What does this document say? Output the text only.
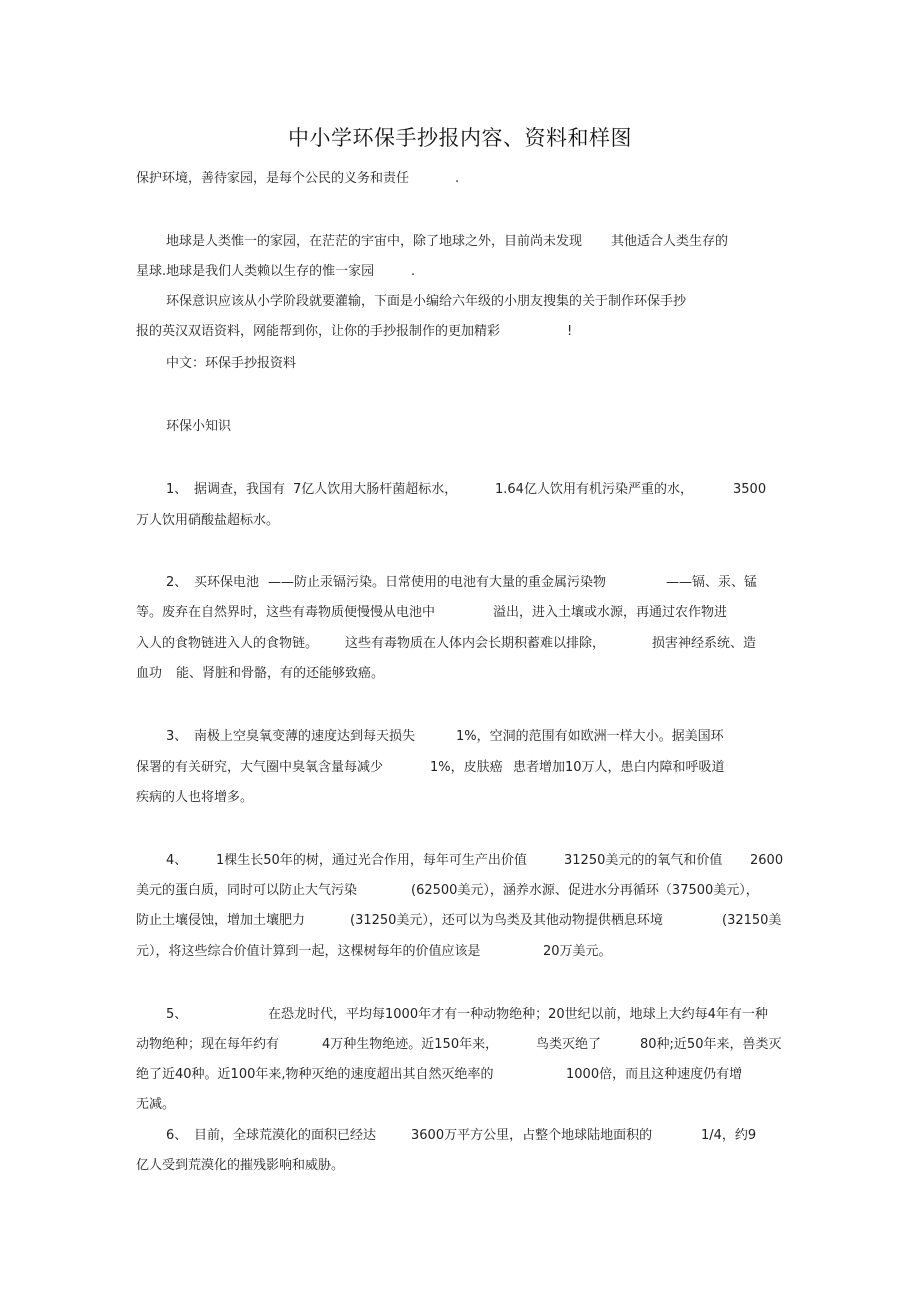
中小学环保手抄报内容、资料和样图
保护环境，善待家园，是每个公民的义务和责任	.
地球是人类惟一的家园，在茫茫的宇宙中，除了地球之外，目前尚未发现 其他适合人类生存的
星球.地球是我们人类赖以生存的惟一家园	.
环保意识应该从小学阶段就要灌输，下面是小编给六年级的小朋友搜集的关于制作环保手抄
报的英汉双语资料，网能帮到你，让你的手抄报制作的更加精彩	!
中文：环保手抄报资料
环保小知识
1、 据调查，我国有 7亿人饮用大肠杆菌超标水，	1.64亿人饮用有机污染严重的水，	3500
万人饮用硝酸盐超标水。
2、 买环保电池 ——防止汞镉污染。日常使用的电池有大量的重金属污染物	——镉、汞、锰
等。废弃在自然界时，这些有毒物质便慢慢从电池中	溢出，进入土壤或水源，再通过农作物进
入人的食物链进入人的食物链。 这些有毒物质在人体内会长期积蓄难以排除，	损害神经系统、造
血功 能、肾脏和骨骼，有的还能够致癌。
3、 南极上空臭氧变薄的速度达到每天损失	1%，空洞的范围有如欧洲一样大小。据美国环
保署的有关研究，大气圈中臭氧含量每减少	1%，皮肤癌 患者增加10万人，患白内障和呼吸道
疾病的人也将增多。
4、 1棵生长50年的树，通过光合作用，每年可生产出价值	31250美元的的氧气和价值 2600
美元的蛋白质，同时可以防止大气污染	(62500美元），涵养水源、促进水分再循环（37500美元），
防止土壤侵蚀，增加土壤肥力	(31250美元），还可以为鸟类及其他动物提供栖息环境	(32150美
元），将这些综合价值计算到一起，这棵树每年的价值应该是	20万美元。
5、	在恐龙时代，平均每1000年才有一种动物绝种；20世纪以前，地球上大约每4年有一种
动物绝种；现在每年约有	4万种生物绝迹。近150年来，	鸟类灭绝了	80种;近50年来，兽类灭
绝了近40种。近100年来,物种灭绝的速度超出其自然灭绝率的	1000倍，而且这种速度仍有增
无减。
6、 目前，全球荒漠化的面积已经达	3600万平方公里，占整个地球陆地面积的	1/4，约9
亿人受到荒漠化的摧残影响和威胁。
